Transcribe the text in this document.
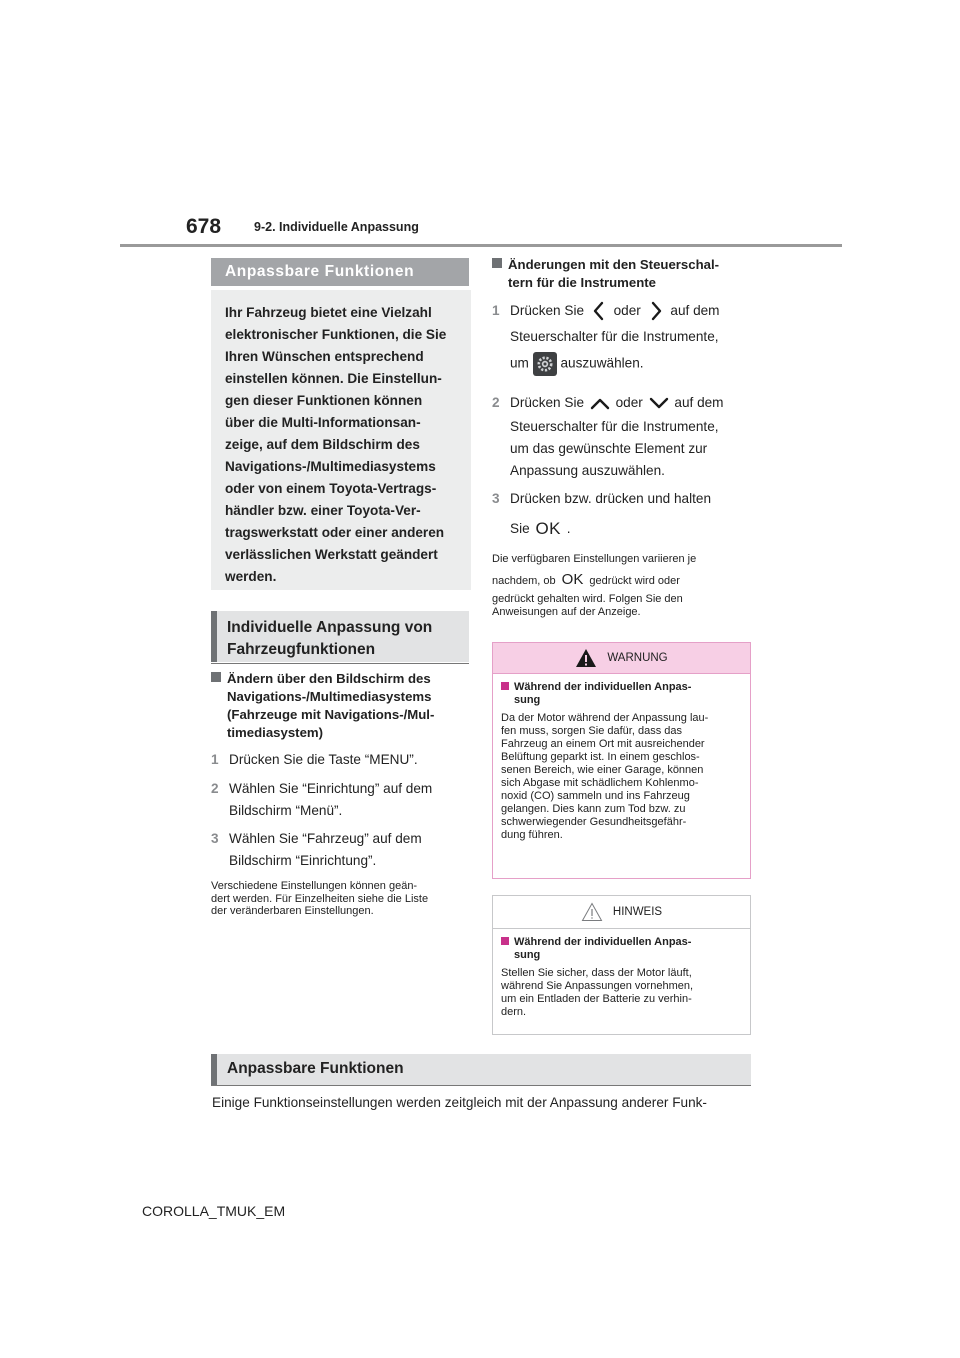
678	9-2. Individuelle Anpassung
Anpassbare Funktionen

Ihr Fahrzeug bietet eine Vielzahl

elektronischer Funktionen, die Sie

Ihren Wünschen entsprechend

einstellen können. Die Einstellun-

gen dieser Funktionen können

über die Multi-Informationsan-

zeige, auf dem Bildschirm des

Navigations-/Multimediasystems

oder von einem Toyota-Vertrags-

händler bzw. einer Toyota-Ver-

tragswerkstatt oder einer anderen

verlässlichen Werkstatt geändert

werden.

Individuelle Anpassung von

Fahrzeugfunktionen

Ändern über den Bildschirm des
Navigations-/Multimediasystems
(Fahrzeuge mit Navigations-/Mul-
timediasystem)
1 Drücken Sie die Taste “MENU”.
2 Wählen Sie “Einrichtung” auf dem
Bildschirm “Menü”.
3 Wählen Sie “Fahrzeug” auf dem
Bildschirm “Einrichtung”.

Verschiedene Einstellungen können geän-

dert werden. Für Einzelheiten siehe die Liste

der veränderbaren Einstellungen.

Änderungen mit den Steuerschal-
tern für die Instrumente
1 Drücken Sie oder auf dem
Steuerschalter für die Instrumente,
um auszuwählen.
2 Drücken Sie oder auf dem
Steuerschalter für die Instrumente,
um das gewünschte Element zur
Anpassung auszuwählen.
3 Drücken bzw. drücken und halten
Sie OK .

Die verfügbaren Einstellungen variieren je

nachdem, ob OK gedrückt wird oder

gedrückt gehalten wird. Folgen Sie den

Anweisungen auf der Anzeige.

WARNUNG
Während der individuellen Anpas-
sung

Da der Motor während der Anpassung lau-

fen muss, sorgen Sie dafür, dass das

Fahrzeug an einem Ort mit ausreichender

Belüftung geparkt ist. In einem geschlos-

senen Bereich, wie einer Garage, können

sich Abgase mit schädlichem Kohlenmo-

noxid (CO) sammeln und ins Fahrzeug

gelangen. Dies kann zum Tod bzw. zu

schwerwiegender Gesundheitsgefähr-

dung führen.

HINWEIS
Während der individuellen Anpas-
sung

Stellen Sie sicher, dass der Motor läuft,

während Sie Anpassungen vornehmen,

um ein Entladen der Batterie zu verhin-

dern.

Anpassbare Funktionen

Einige Funktionseinstellungen werden zeitgleich mit der Anpassung anderer Funk-
COROLLA_TMUK_EM
